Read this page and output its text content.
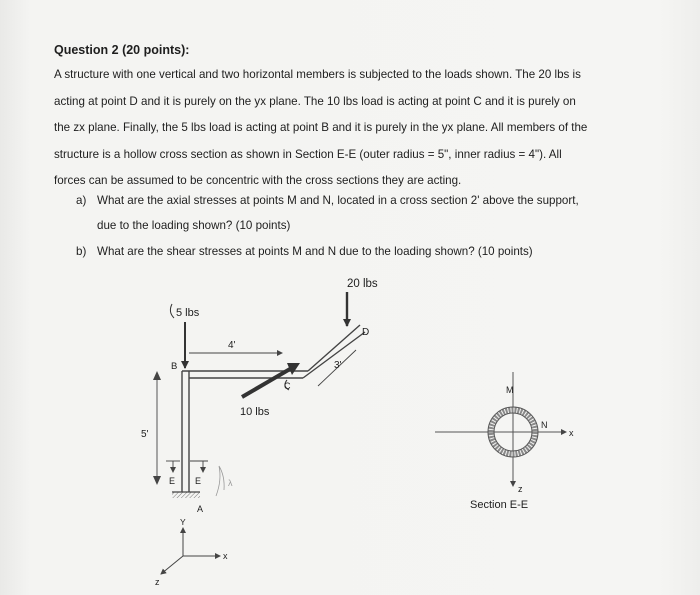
Question 2 (20 points):
A structure with one vertical and two horizontal members is subjected to the loads shown. The 20 lbs is
acting at point D and it is purely on the yx plane. The 10 lbs load is acting at point C and it is purely on
the zx plane. Finally, the 5 lbs load is acting at point B and it is purely in the yx plane. All members of the
structure is a hollow cross section as shown in Section E-E (outer radius = 5", inner radius = 4"). All
forces can be assumed to be concentric with the cross sections they are acting.
a) What are the axial stresses at points M and N, located in a cross section 2' above the support,
due to the loading shown? (10 points)
b) What are the shear stresses at points M and N due to the loading shown? (10 points)
20 lbs
D
5 lbs
B
10 lbs
C
4'
3'
5'
E E
A
λ
Y
x
z
M
N
x
z
Section E-E
